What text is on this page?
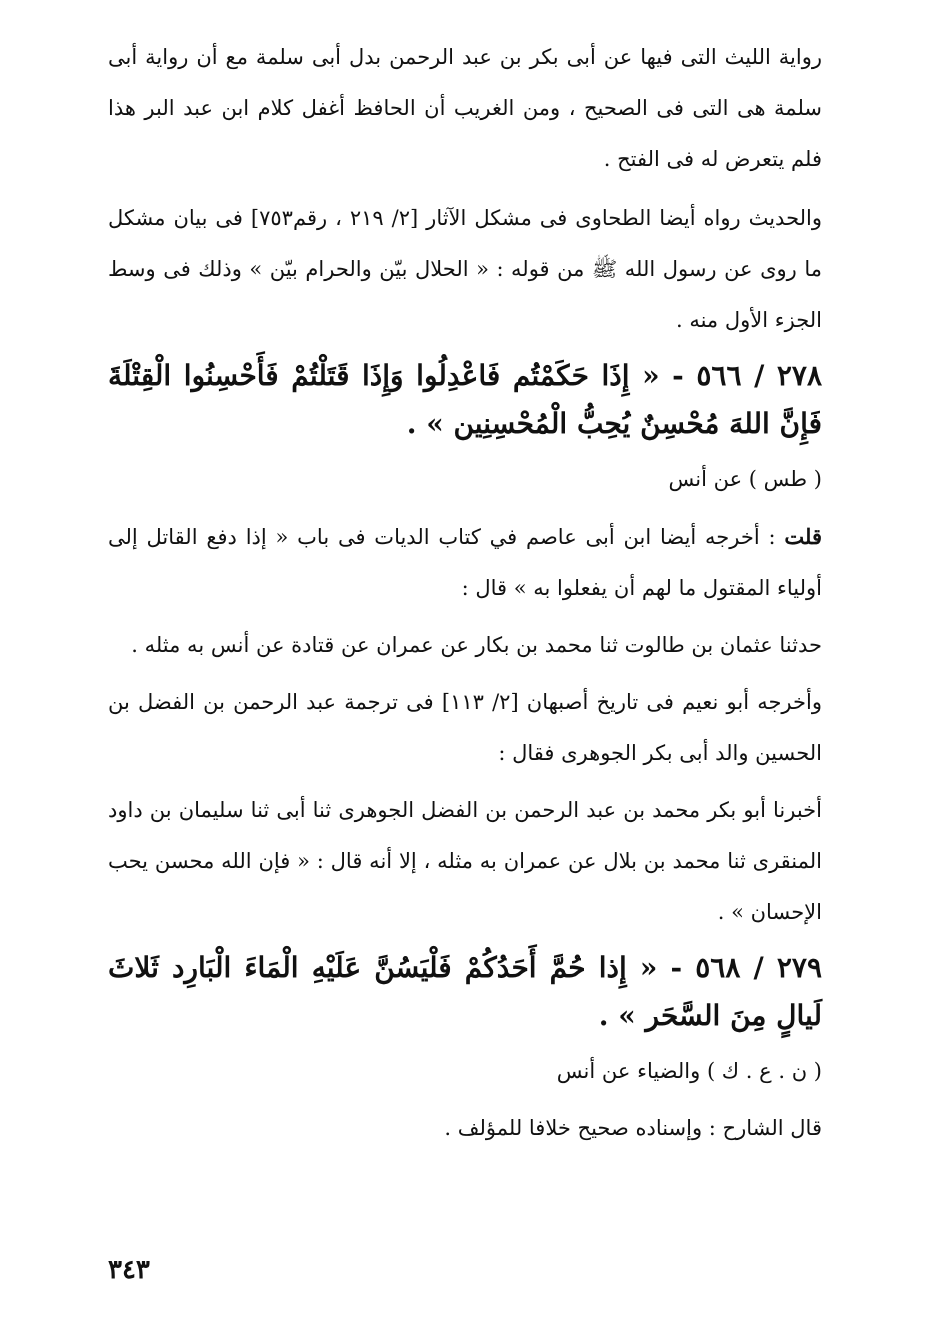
رواية الليث التى فيها عن أبى بكر بن عبد الرحمن بدل أبى سلمة مع أن رواية أبى سلمة هى التى فى الصحيح ، ومن الغريب أن الحافظ أغفل كلام ابن عبد البر هذا فلم يتعرض له فى الفتح .

والحديث رواه أيضا الطحاوى فى مشكل الآثار [٢/ ٢١٩ ، رقم٧٥٣] فى بيان مشكل ما روى عن رسول الله ﷺ من قوله : « الحلال بيّن والحرام بيّن » وذلك فى وسط الجزء الأول منه .

٢٧٨ / ٥٦٦ - « إِذَا حَكَمْتُم فَاعْدِلُوا وَإِذَا قَتَلْتُمْ فَأَحْسِنُوا الْقِتْلَةَ فَإِنَّ اللهَ مُحْسِنٌ يُحِبُّ الْمُحْسِنِين » .

( طس ) عن أنس

قلت : أخرجه أيضا ابن أبى عاصم في كتاب الديات فى باب « إذا دفع القاتل إلى أولياء المقتول ما لهم أن يفعلوا به » قال :

حدثنا عثمان بن طالوت ثنا محمد بن بكار عن عمران عن قتادة عن أنس به مثله .

وأخرجه أبو نعيم فى تاريخ أصبهان [٢/ ١١٣] فى ترجمة عبد الرحمن بن الفضل بن الحسين والد أبى بكر الجوهرى فقال :

أخبرنا أبو بكر محمد بن عبد الرحمن بن الفضل الجوهرى ثنا أبى ثنا سليمان بن داود المنقرى ثنا محمد بن بلال عن عمران به مثله ، إلا أنه قال : « فإن الله محسن يحب الإحسان » .

٢٧٩ / ٥٦٨ - « إِذا حُمَّ أَحَدُكُمْ فَلْيَسُنَّ عَلَيْهِ الْمَاءَ الْبَارِد ثَلاثَ لَيالٍ مِنَ السَّحَر » .

( ن . ع . ك ) والضياء عن أنس

قال الشارح : وإسناده صحيح خلافا للمؤلف .

٣٤٣
